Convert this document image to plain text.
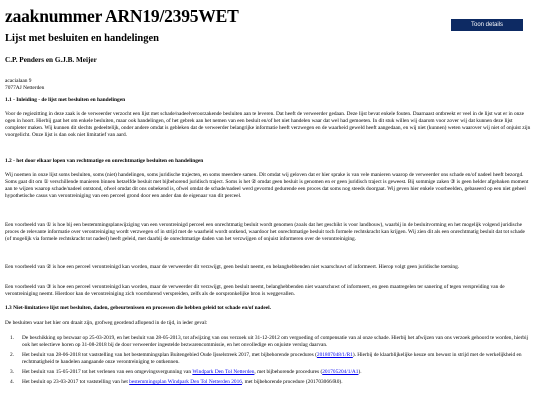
zaaknummer ARN19/2395WET	Toon details
Lijst met besluiten en handelingen
C.P. Penders en G.J.B. Meijer
acacialaan 9
7077AJ Netterden
1.1 - Inleiding - de lijst met besluiten en handelingen

Voor de regiezitting in deze zaak is de verweerder verzocht een lijst met schade/nadeelveroorzakende besluiten aan te leveren. Dat heeft de verweerder gedaan. Deze lijst bevat enkele fouten. Daarnaast ontbreekt er veel in de lijst wat er in onze ogen in hoort. Hierbij gaat het om enkele besluiten, maar ook handelingen, of het gebrek aan het nemen van een besluit en/of het niet handelen waar dat wel had gemoeten. In dit stuk willen wij daarom voor zover wij dat kunnen deze lijst completer maken. Wij kunnen dit slechts gedeeltelijk, onder andere omdat is gebleken dat de verweerder belangrijke informatie heeft verzwegen en de waarheid geweld heeft aangedaan, en wij niet (kunnen) weten waarover wij niet of onjuist zijn voorgelicht. Onze lijst is dan ook niet limitatief van aard.

1.2 - het door elkaar lopen van rechtmatige en onrechtmatige besluiten en handelingen

Wij noemen in onze lijst soms besluiten, soms (niet) handelingen, soms juridische trajecten, en soms meerdere samen. Dit omdat wij geloven dat er hier sprake is van vele manieren waarop de verweerder ons schade en/of nadeel heeft bezorgd. Soms gaat dit om ① verschillende manieren binnen hetzelfde besluit met bijbehorend juridisch traject. Soms is het ② omdat geen besluit is genomen en er geen juridisch traject is geweest. Bij sommige zaken ③ is geen helder afgebaken moment aan te wijzen waarop schade/nadeel ontstond, ofwel omdat dit ons onbekend is, ofwel omdat de schade/nadeel werd gevormd gedurende een proces dat soms nog steeds doorgaat. Wij geven hier enkele voorbeelden, gebaseerd op een niet geheel hypothetische casus van verontreiniging van een perceel grond door een ander dan de eigenaar van dit perceel.

Een voorbeeld van ① is hoe bij een bestemmingsplanwijziging van een verontreinigd perceel een onrechtmatig besluit wordt genomen (zoals dat het geschikt is voor landbouw), waarbij in de besluitvorming en het mogelijk volgend juridische proces de relevante informatie over verontreiniging wordt verzwegen of in strijd met de waarheid wordt ontkend, waardoor het onrechtmatige besluit toch formele rechtskracht kan krijgen. Wij zien dit als een onrechtmatig besluit dat tot schade (of mogelijk via formele rechtskracht tot nadeel) heeft geleid, met daarbij de onrechtmatige daden van het verzwijgen of onjuist informeren over de verontreiniging.

Een voorbeeld van ② is hoe een perceel verontreinigd kan worden, maar de verweerder dit verzwijgt, geen besluit neemt, en belanghebbenden niet waarschuwt of informeert. Hierop volgt geen juridische toetsing.

Een voorbeeld van ③ is hoe een perceel verontreinigd kan worden, maar de verweerder dit verzwijgt, geen besluit neemt, belanghebbenden niet waarschuwt of informeert, en geen maatregelen ter sanering of tegen verspreiding van de verontreiniging neemt. Hierdoor kan de verontreiniging zich voortdurend verspreiden, zelfs als de oorspronkelijke bron is weggevallen.

1.3 Niet-limitatieve lijst met besluiten, daden, gebeurtenissen en processen die hebben geleid tot schade en/of nadeel.

De besluiten waar het hier om draait zijn, grofweg geordend aflopend in de tijd, in ieder geval:

1. De beschikking op bezwaar op 25-03-2019, en het besluit van 28-05-2013, tot afwijzing van ons verzoek uit 31-12-2012 om vergoeding of compensatie van al onze schade. Hierbij het afwijzen van ons verzoek gehoord te worden, hierbij ook het selectieve horen op 31-08-2018 bij de door verweerder ingestelde bezwarencommissie, en het onvolledige en onjuiste verslag daarvan.
2. Het besluit van 28-06-2018 tot vaststelling van het bestemmingsplan Buitengebied Oude Ijsselstreek 2017, met bijbehorende procedures (201807048/1/R1). Hierbij de klaarblijkelijke keuze om bewust in strijd met de werkelijkheid en rechtmatigheid te handelen aangaande onze verontreiniging te ontkennen.
3. Het besluit van 15-05-2017 tot het verlenen van een omgevingsvergunning van Windpark Den Tol Netterden, met bijbehorende procedures (201705204/1/A1).
4. Het besluit op 23-03-2017 tot vaststelling van het bestemmingsplan Windpark Den Tol Netterden 2016, met bijbehorende procedure (201703066/R0).
